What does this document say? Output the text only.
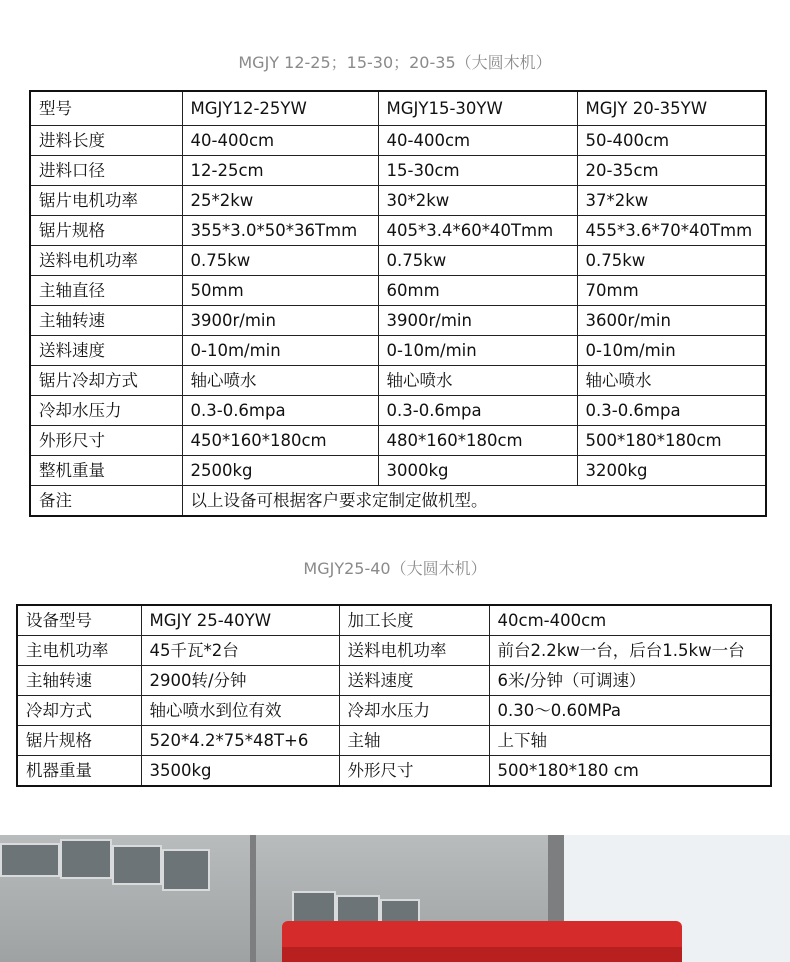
MGJY 12-25；15-30；20-35（大圆木机）
型号	MGJY12-25YW	MGJY15-30YW	MGJY 20-35YW
进料长度	40-400cm	40-400cm	50-400cm
进料口径	12-25cm	15-30cm	20-35cm
锯片电机功率	25*2kw	30*2kw	37*2kw
锯片规格	355*3.0*50*36Tmm	405*3.4*60*40Tmm	455*3.6*70*40Tmm
送料电机功率	0.75kw	0.75kw	0.75kw
主轴直径	50mm	60mm	70mm
主轴转速	3900r/min	3900r/min	3600r/min
送料速度	0-10m/min	0-10m/min	0-10m/min
锯片冷却方式	轴心喷水	轴心喷水	轴心喷水
冷却水压力	0.3-0.6mpa	0.3-0.6mpa	0.3-0.6mpa
外形尺寸	450*160*180cm	480*160*180cm	500*180*180cm
整机重量	2500kg	3000kg	3200kg
备注	以上设备可根据客户要求定制定做机型。		
MGJY25-40（大圆木机）
设备型号	MGJY 25-40YW	加工长度	40cm-400cm
主电机功率	45千瓦*2台	送料电机功率	前台2.2kw一台，后台1.5kw一台
主轴转速	2900转/分钟	送料速度	6米/分钟（可调速）
冷却方式	轴心喷水到位有效	冷却水压力	0.30～0.60MPa
锯片规格	520*4.2*75*48T+6	主轴	上下轴
机器重量	3500kg	外形尺寸	500*180*180 cm
